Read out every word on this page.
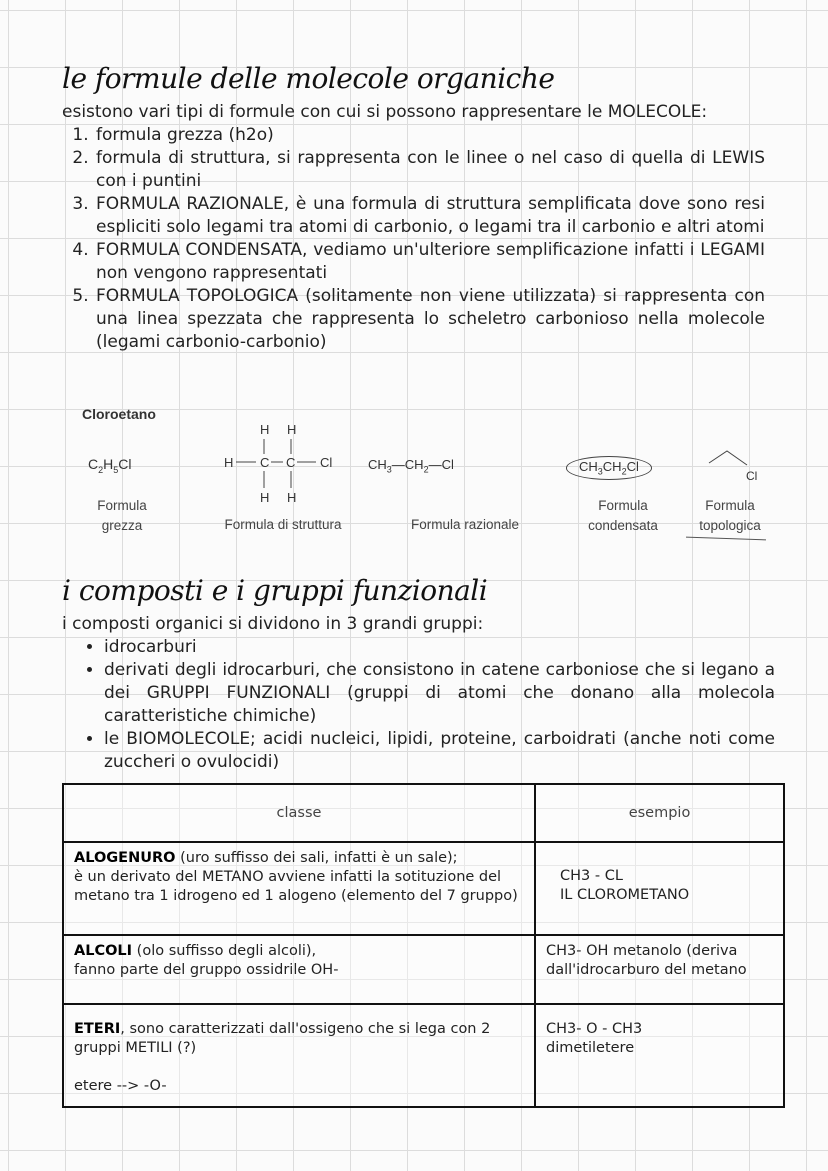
le formule delle molecole organiche
esistono vari tipi di formule con cui si possono rappresentare le MOLECOLE:
1. formula grezza (h2o)
2. formula di struttura, si rappresenta con le linee o nel caso di quella di LEWIS con i puntini
3. FORMULA RAZIONALE, è una formula di struttura semplificata dove sono resi espliciti solo legami tra atomi di carbonio, o legami tra il carbonio e altri atomi
4. FORMULA CONDENSATA, vediamo un'ulteriore semplificazione infatti i LEGAMI non vengono rappresentati
5. FORMULA TOPOLOGICA (solitamente non viene utilizzata) si rappresenta con una linea spezzata che rappresenta lo scheletro carbonioso nella molecole (legami carbonio-carbonio)
Cloroetano
$C_2H_5Cl$
H H
H C C Cl
H H
$CH_3—CH_2—Cl$	$CH_3CH_2Cl$
Cl
Formula grezza	Formula di struttura	Formula razionale
Formula condensata
Formula topologica
i composti e i gruppi funzionali
i composti organici si dividono in 3 grandi gruppi:
• idrocarburi
• derivati degli idrocarburi, che consistono in catene carboniose che si legano a dei GRUPPI FUNZIONALI (gruppi di atomi che donano alla molecola caratteristiche chimiche)
• le BIOMOLECOLE; acidi nucleici, lipidi, proteine, carboidrati (anche noti come zuccheri o ovulocidi)
classe	esempio
ALOGENURO (uro suffisso dei sali, infatti è un sale);
è un derivato del METANO avviene infatti la sotituzione del metano tra 1 idrogeno ed 1 alogeno (elemento del 7 gruppo)	CH3 - CL
IL CLOROMETANO
ALCOLI (olo suffisso degli alcoli),
fanno parte del gruppo ossidrile OH-	CH3- OH metanolo (deriva
dall'idrocarburo del metano
ETERI, sono caratterizzati dall'ossigeno che si lega con 2 gruppi METILI (?)

etere --> -O-	CH3- O - CH3
dimetiletere
